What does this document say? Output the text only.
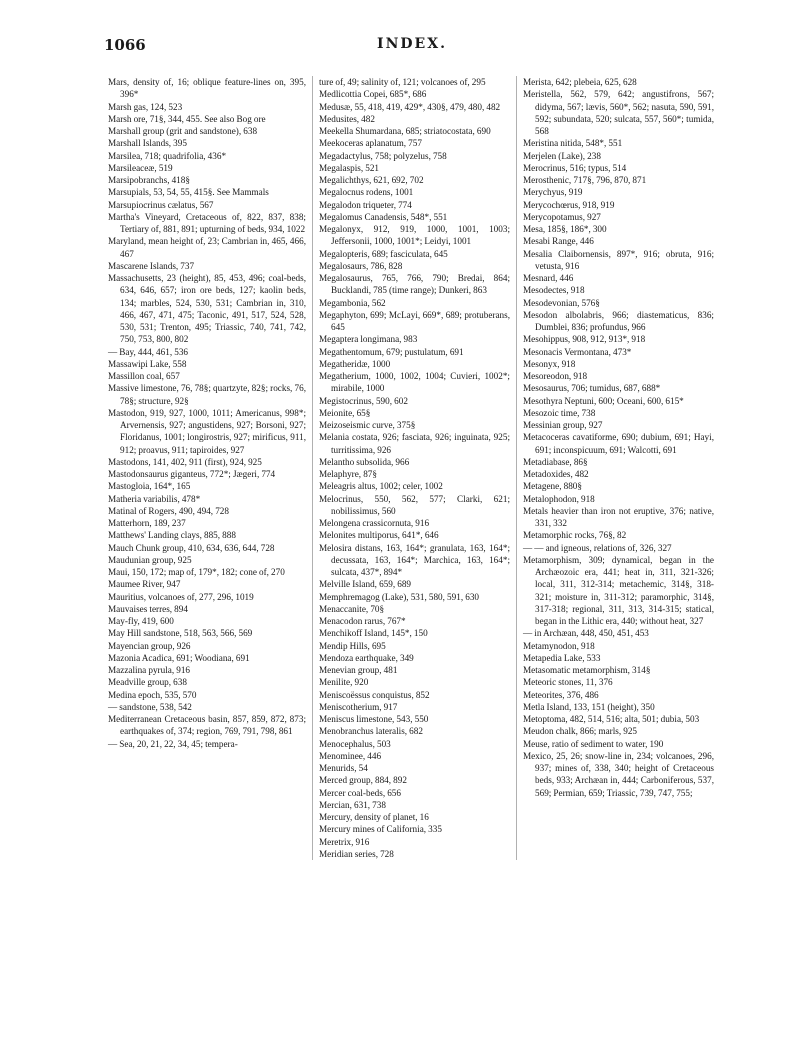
1066	INDEX.
Mars, density of, 16; oblique feature-lines on, 395, 396*
Marsh gas, 124, 523
Marsh ore, 71§, 344, 455. See also Bog ore
Marshall group (grit and sandstone), 638
Marshall Islands, 395
Marsilea, 718; quadrifolia, 436*
Marsileaceæ, 519
Marsipobranchs, 418§
Marsupials, 53, 54, 55, 415§. See Mammals
Marsupiocrinus cælatus, 567
Martha's Vineyard, Cretaceous of, 822, 837, 838; Tertiary of, 881, 891; upturning of beds, 934, 1022
Maryland, mean height of, 23; Cambrian in, 465, 466, 467
Mascarene Islands, 737
Massachusetts, 23 (height), 85, 453, 496; coal-beds, 634, 646, 657; iron ore beds, 127; kaolin beds, 134; marbles, 524, 530, 531; Cambrian in, 310, 466, 467, 471, 475; Taconic, 491, 517, 524, 528, 530, 531; Trenton, 495; Triassic, 740, 741, 742, 750, 753, 800, 802
— Bay, 444, 461, 536
Massawipi Lake, 558
Massillon coal, 657
Massive limestone, 76, 78§; quartzyte, 82§; rocks, 76, 78§; structure, 92§
Mastodon, 919, 927, 1000, 1011; Americanus, 998*; Arvernensis, 927; angustidens, 927; Borsoni, 927; Floridanus, 1001; longirostris, 927; mirificus, 911, 912; proavus, 911; tapiroides, 927
Mastodons, 141, 402, 911 (first), 924, 925
Mastodonsaurus giganteus, 772*; Jægeri, 774
Mastogloia, 164*, 165
Matheria variabilis, 478*
Matinal of Rogers, 490, 494, 728
Matterhorn, 189, 237
Matthews' Landing clays, 885, 888
Mauch Chunk group, 410, 634, 636, 644, 728
Maudunian group, 925
Maui, 150, 172; map of, 179*, 182; cone of, 270
Maumee River, 947
Mauritius, volcanoes of, 277, 296, 1019
Mauvaises terres, 894
May-fly, 419, 600
May Hill sandstone, 518, 563, 566, 569
Mayencian group, 926
Mazonia Acadica, 691; Woodiana, 691
Mazzalina pyrula, 916
Meadville group, 638
Medina epoch, 535, 570
— sandstone, 538, 542
Mediterranean Cretaceous basin, 857, 859, 872, 873; earthquakes of, 374; region, 769, 791, 798, 861
— Sea, 20, 21, 22, 34, 45; tempera-
ture of, 49; salinity of, 121; volcanoes of, 295
Medlicottia Copei, 685*, 686
Medusæ, 55, 418, 419, 429*, 430§, 479, 480, 482
Medusites, 482
Meekella Shumardana, 685; striatocostata, 690
Meekoceras aplanatum, 757
Megadactylus, 758; polyzelus, 758
Megalaspis, 521
Megalichthys, 621, 692, 702
Megalocnus rodens, 1001
Megalodon triqueter, 774
Megalomus Canadensis, 548*, 551
Megalonyx, 912, 919, 1000, 1001, 1003; Jeffersonii, 1000, 1001*; Leidyi, 1001
Megalopteris, 689; fasciculata, 645
Megalosaurs, 786, 828
Megalosaurus, 765, 766, 790; Bredai, 864; Bucklandi, 785 (time range); Dunkeri, 863
Megambonia, 562
Megaphyton, 699; McLayi, 669*, 689; protuberans, 645
Megaptera longimana, 983
Megathentomum, 679; pustulatum, 691
Megatheridæ, 1000
Megatherium, 1000, 1002, 1004; Cuvieri, 1002*; mirabile, 1000
Megistocrinus, 590, 602
Meionite, 65§
Meizoseismic curve, 375§
Melania costata, 926; fasciata, 926; inguinata, 925; turritissima, 926
Melantho subsolida, 966
Melaphyre, 87§
Meleagris altus, 1002; celer, 1002
Melocrinus, 550, 562, 577; Clarki, 621; nobilissimus, 560
Melongena crassicornuta, 916
Melonites multiporus, 641*, 646
Melosira distans, 163, 164*; granulata, 163, 164*; decussata, 163, 164*; Marchica, 163, 164*; sulcata, 437*, 894*
Melville Island, 659, 689
Memphremagog (Lake), 531, 580, 591, 630
Menaccanite, 70§
Menacodon rarus, 767*
Menchikoff Island, 145*, 150
Mendip Hills, 695
Mendoza earthquake, 349
Menevian group, 481
Menilite, 920
Meniscoëssus conquistus, 852
Meniscotherium, 917
Meniscus limestone, 543, 550
Menobranchus lateralis, 682
Menocephalus, 503
Menominee, 446
Menurids, 54
Merced group, 884, 892
Mercer coal-beds, 656
Mercian, 631, 738
Mercury, density of planet, 16
Mercury mines of California, 335
Meretrix, 916
Meridian series, 728
Merista, 642; plebeia, 625, 628
Meristella, 562, 579, 642; angustifrons, 567; didyma, 567; lævis, 560*, 562; nasuta, 590, 591, 592; subundata, 520; sulcata, 557, 560*; tumida, 568
Meristina nitida, 548*, 551
Merjelen (Lake), 238
Merocrinus, 516; typus, 514
Merosthenic, 717§, 796, 870, 871
Merychyus, 919
Merycochœrus, 918, 919
Merycopotamus, 927
Mesa, 185§, 186*, 300
Mesabi Range, 446
Mesalia Claibornensis, 897*, 916; obruta, 916; vetusta, 916
Mesnard, 446
Mesodectes, 918
Mesodevonian, 576§
Mesodon albolabris, 966; diastematicus, 836; Dumblei, 836; profundus, 966
Mesohippus, 908, 912, 913*, 918
Mesonacis Vermontana, 473*
Mesonyx, 918
Mesoreodon, 918
Mesosaurus, 706; tumidus, 687, 688*
Mesothyra Neptuni, 600; Oceani, 600, 615*
Mesozoic time, 738
Messinian group, 927
Metacoceras cavatiforme, 690; dubium, 691; Hayi, 691; inconspicuum, 691; Walcotti, 691
Metadiabase, 86§
Metadoxides, 482
Metagene, 880§
Metalophodon, 918
Metals heavier than iron not eruptive, 376; native, 331, 332
Metamorphic rocks, 76§, 82
— — and igneous, relations of, 326, 327
Metamorphism, 309; dynamical, began in the Archæozoic era, 441; heat in, 311, 321-326; local, 311, 312-314; metachemic, 314§, 318-321; moisture in, 311-312; paramorphic, 314§, 317-318; regional, 311, 313, 314-315; statical, began in the Lithic era, 440; without heat, 327
— in Archæan, 448, 450, 451, 453
Metamynodon, 918
Metapedia Lake, 533
Metasomatic metamorphism, 314§
Meteoric stones, 11, 376
Meteorites, 376, 486
Metla Island, 133, 151 (height), 350
Metoptoma, 482, 514, 516; alta, 501; dubia, 503
Meudon chalk, 866; marls, 925
Meuse, ratio of sediment to water, 190
Mexico, 25, 26; snow-line in, 234; volcanoes, 296, 937; mines of, 338, 340; height of Cretaceous beds, 933; Archæan in, 444; Carboniferous, 537, 569; Permian, 659; Triassic, 739, 747, 755;
